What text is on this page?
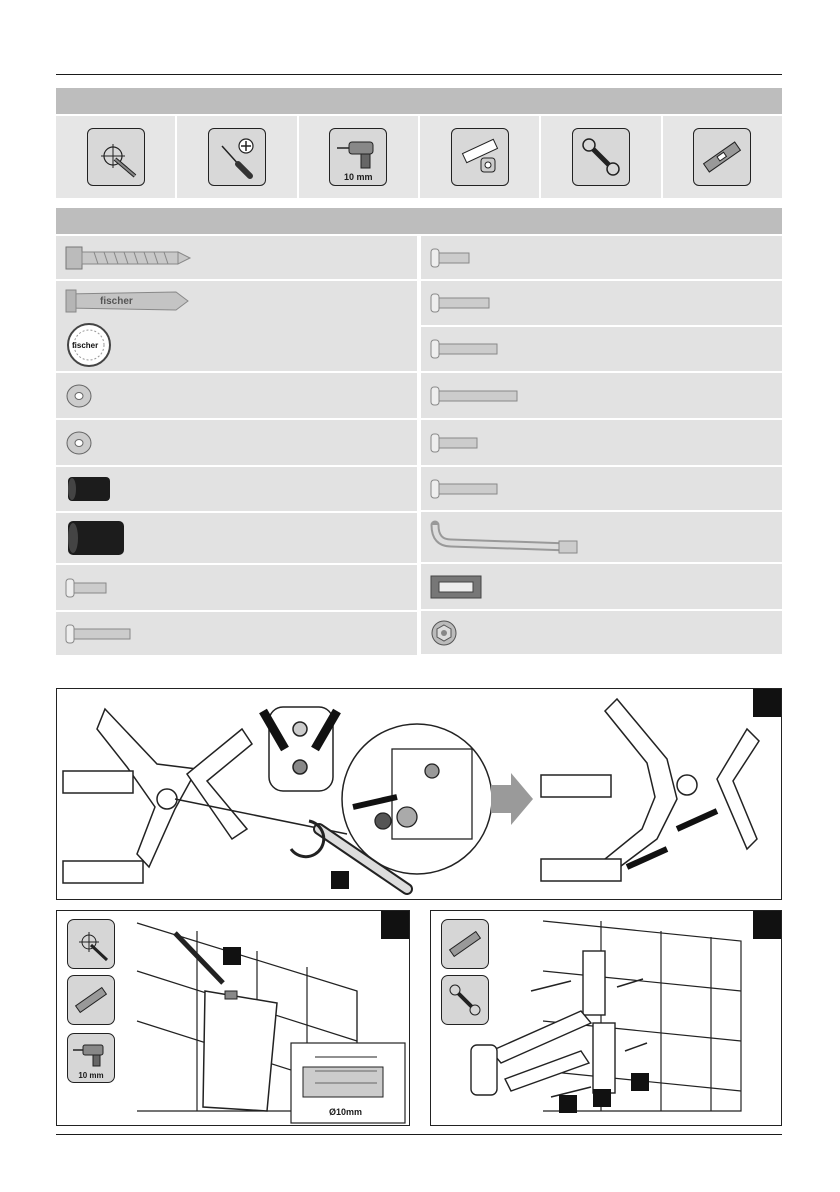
10 mm
fischer
fischer
10 mm
Ø10mm
